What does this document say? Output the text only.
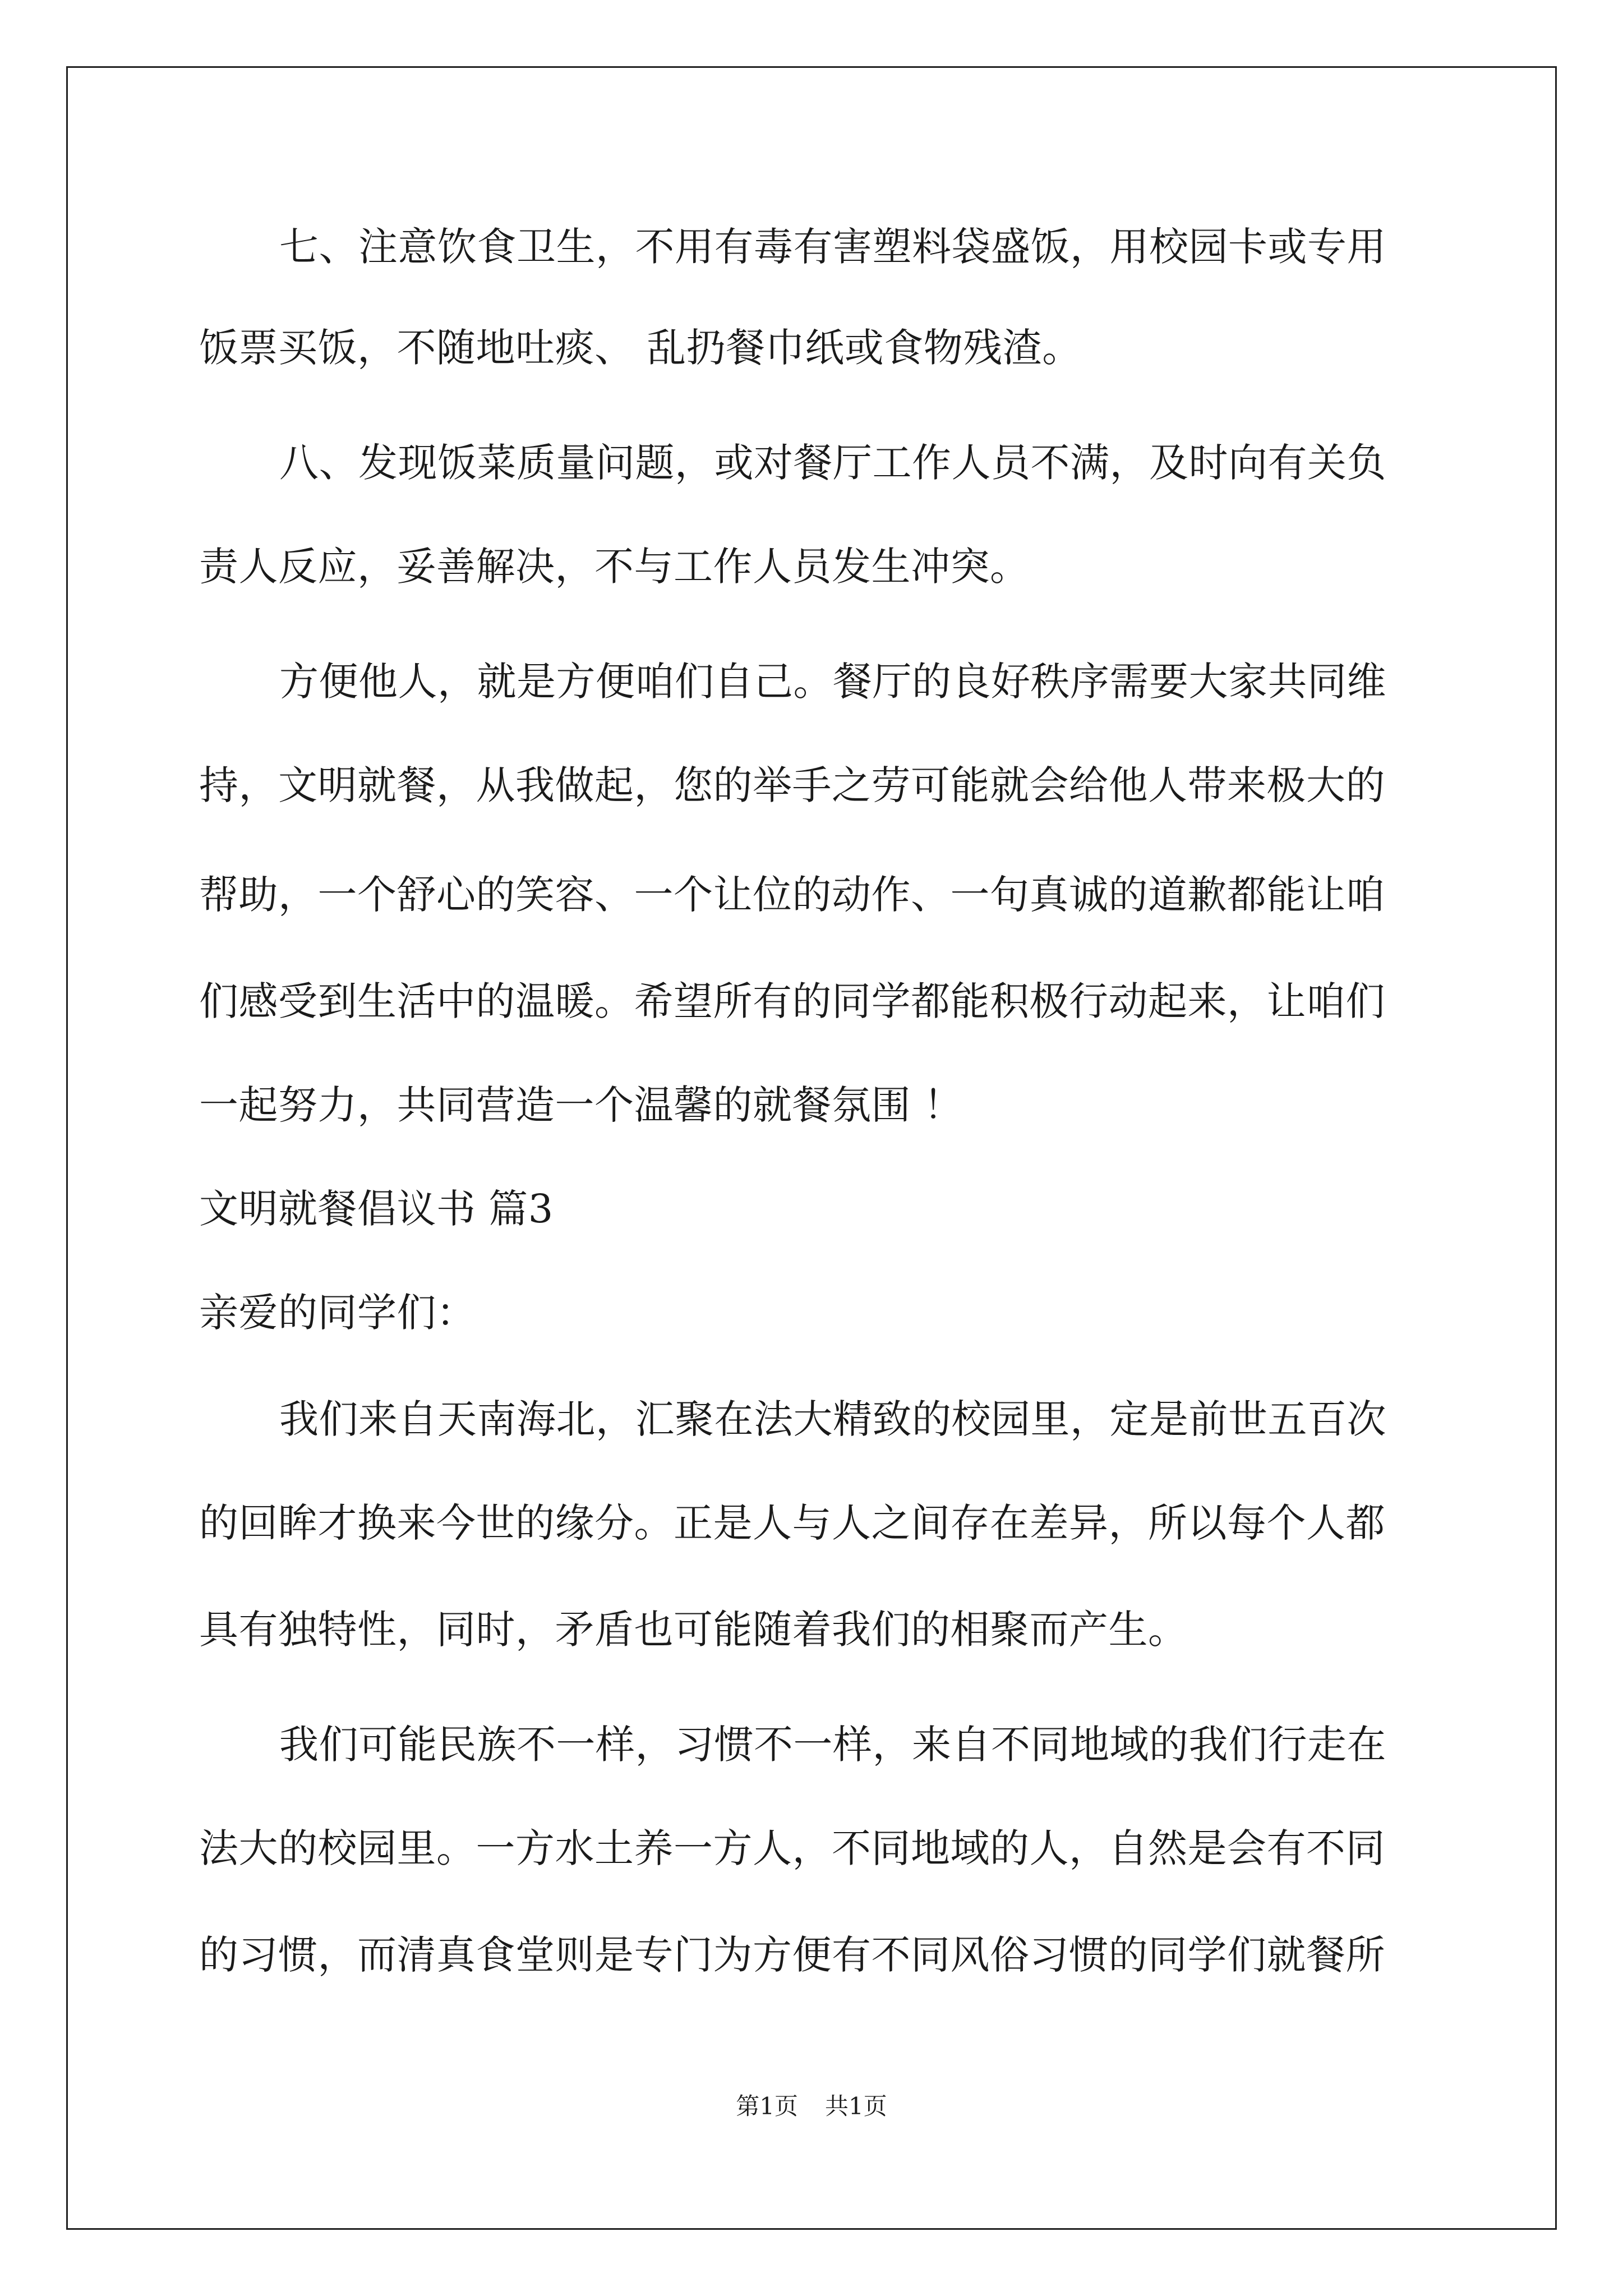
七、注意饮食卫生，不用有毒有害塑料袋盛饭，用校园卡或专用
饭票买饭，不随地吐痰、 乱扔餐巾纸或食物残渣。
八、发现饭菜质量问题，或对餐厅工作人员不满，及时向有关负
责人反应，妥善解决，不与工作人员发生冲突。
方便他人，就是方便咱们自己。餐厅的良好秩序需要大家共同维
持，文明就餐，从我做起，您的举手之劳可能就会给他人带来极大的
帮助，一个舒心的笑容、一个让位的动作、一句真诚的道歉都能让咱
们感受到生活中的温暖。希望所有的同学都能积极行动起来，让咱们
一起努力，共同营造一个温馨的就餐氛围 ！
文明就餐倡议书 篇3
亲爱的同学们：
我们来自天南海北，汇聚在法大精致的校园里，定是前世五百次
的回眸才换来今世的缘分。正是人与人之间存在差异，所以每个人都
具有独特性，同时，矛盾也可能随着我们的相聚而产生。
我们可能民族不一样，习惯不一样，来自不同地域的我们行走在
法大的校园里。一方水土养一方人，不同地域的人，自然是会有不同
的习惯，而清真食堂则是专门为方便有不同风俗习惯的同学们就餐所
第1页 共1页
